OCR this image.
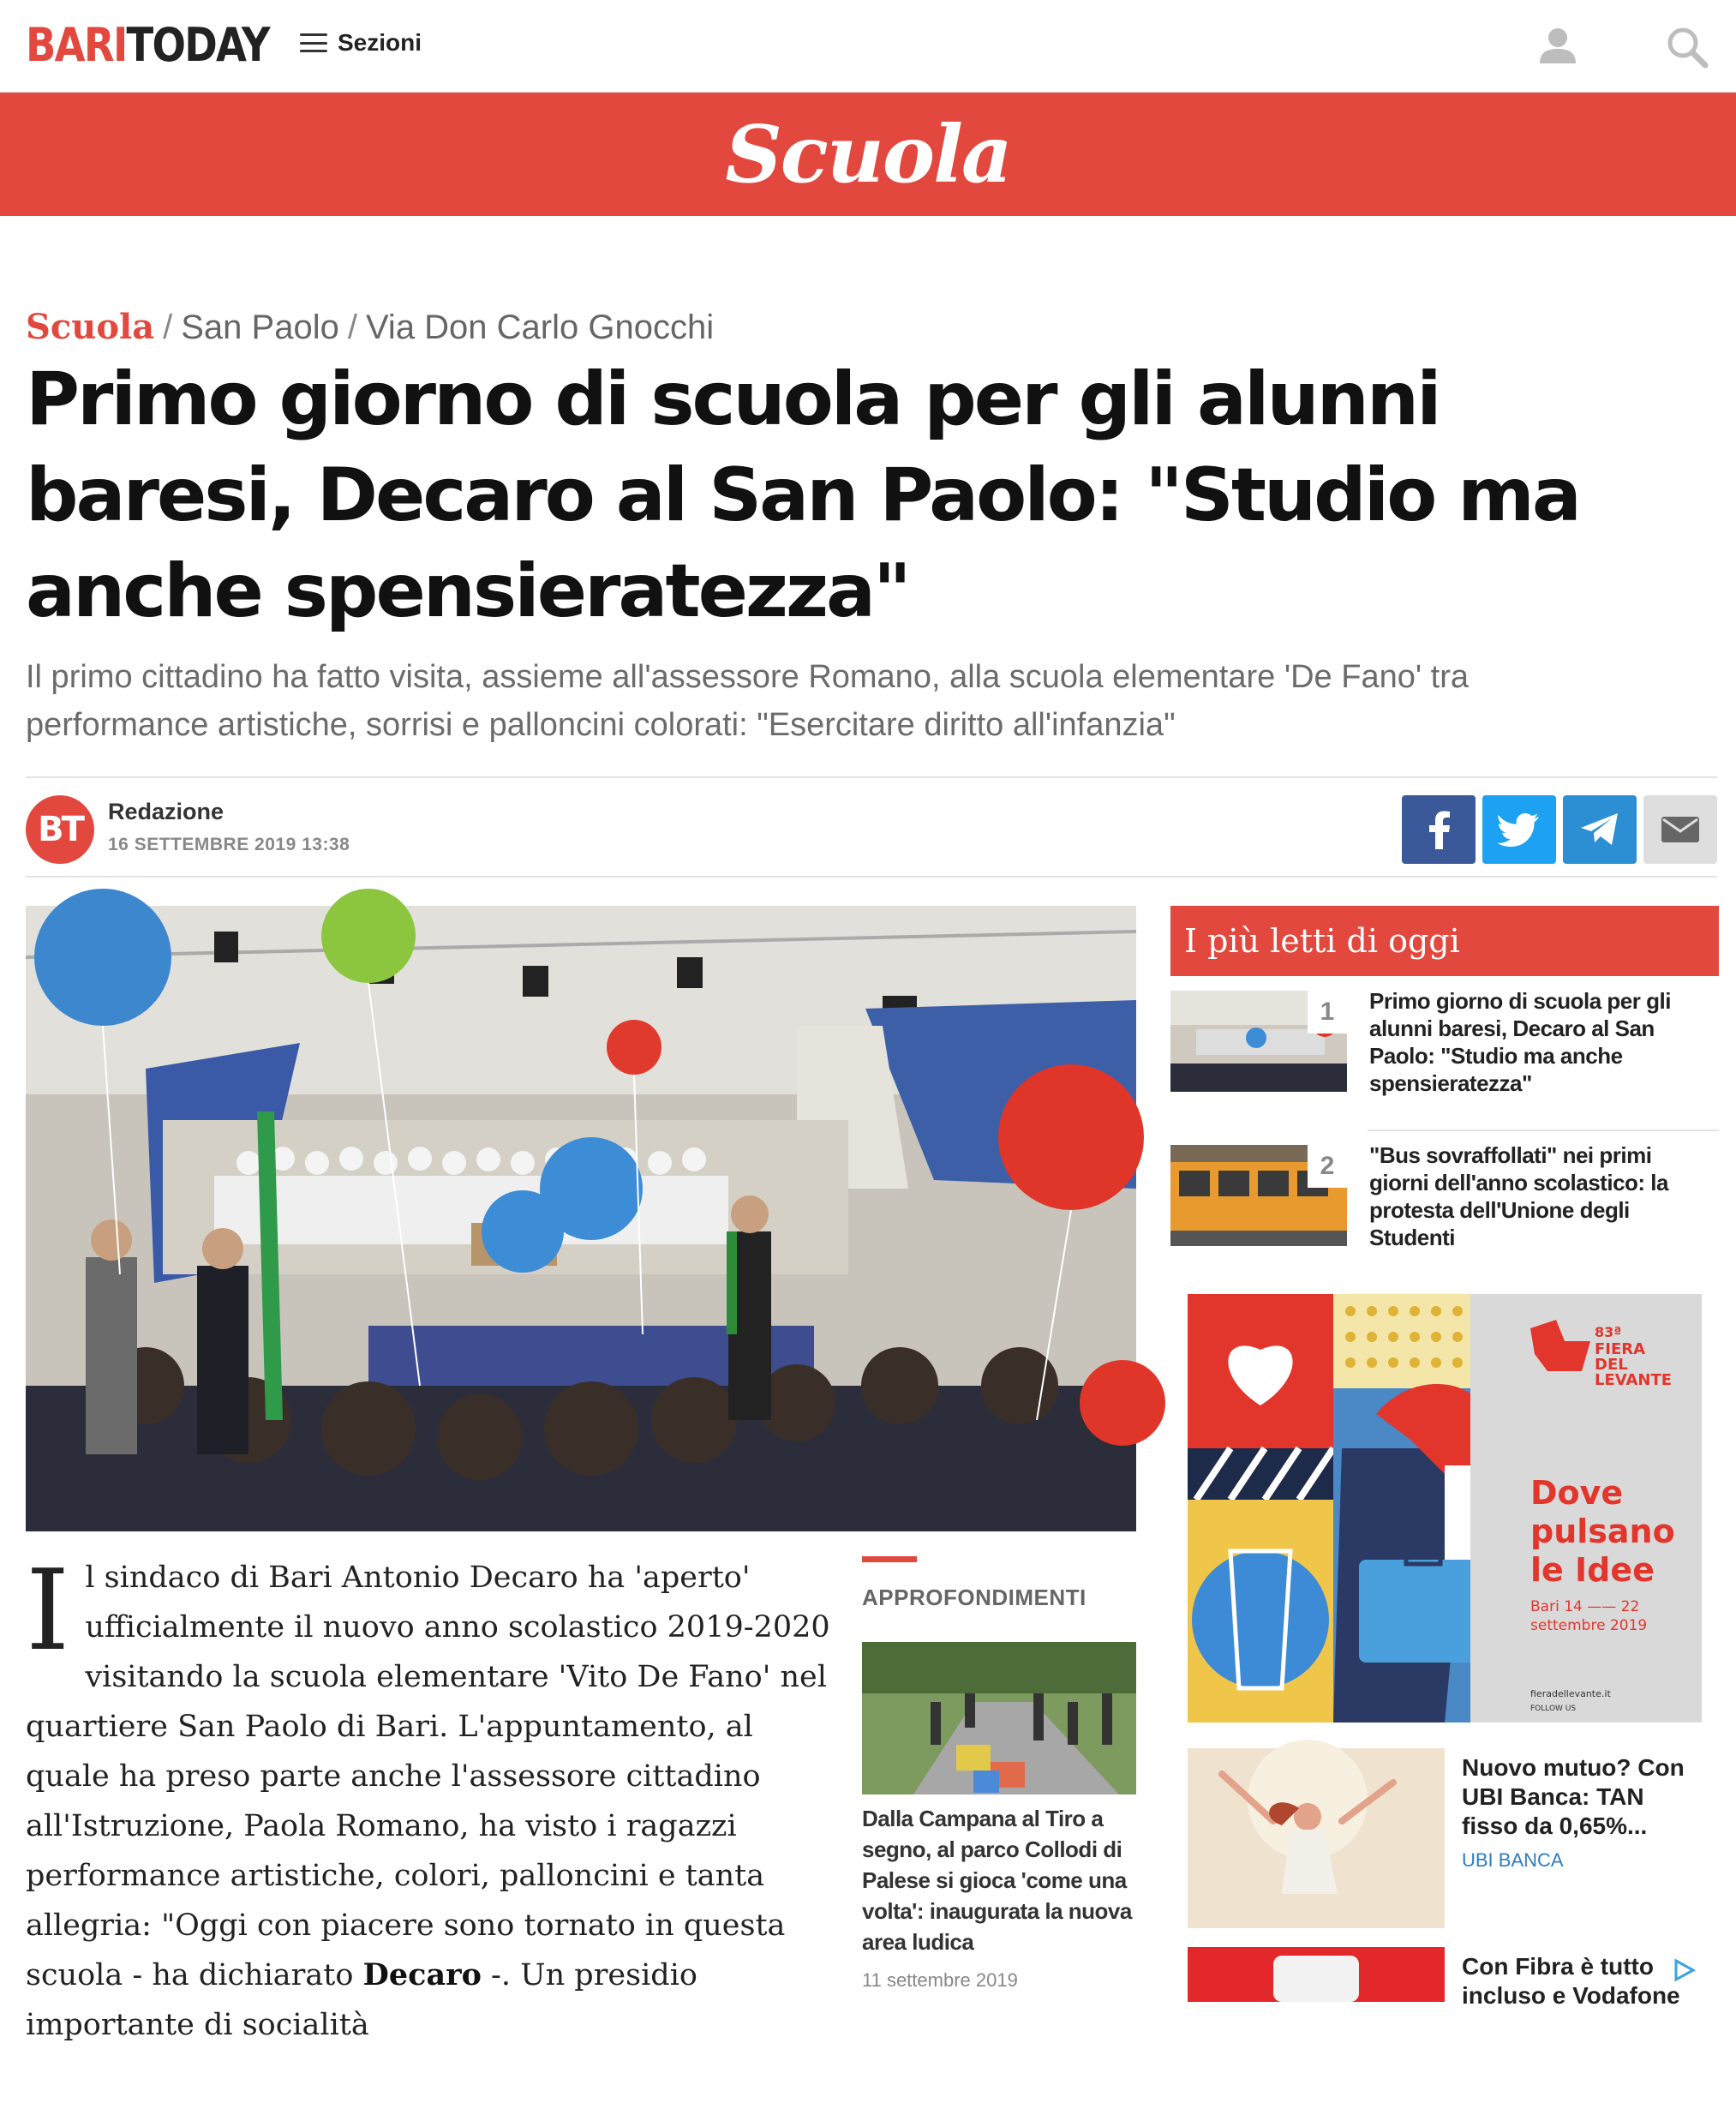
BARITODAY	Sezioni
Scuola
Scuola / San Paolo / Via Don Carlo Gnocchi
Primo giorno di scuola per gli alunni baresi, Decaro al San Paolo: "Studio ma anche spensieratezza"

Il primo cittadino ha fatto visita, assieme all'assessore Romano, alla scuola elementare 'De Fano' tra performance artistiche, sorrisi e palloncini colorati: "Esercitare diritto all'infanzia"

BT	Redazione
16 SETTEMBRE 2019 13:38
Il sindaco di Bari Antonio Decaro ha 'aperto' ufficialmente il nuovo anno scolastico 2019-2020 visitando la scuola elementare 'Vito De Fano' nel quartiere San Paolo di Bari. L'appuntamento, al quale ha preso parte anche l'assessore cittadino all'Istruzione, Paola Romano, ha visto i ragazzi performance artistiche, colori, palloncini e tanta allegria: "Oggi con piacere sono tornato in questa scuola - ha dichiarato Decaro -. Un presidio importante di socialità
APPROFONDIMENTI
Dalla Campana al Tiro a segno, al parco Collodi di Palese si gioca 'come una volta': inaugurata la nuova area ludica
11 settembre 2019
I più letti di oggi
1	Primo giorno di scuola per gli alunni baresi, Decaro al San Paolo: "Studio ma anche spensieratezza"
2	"Bus sovraffollati" nei primi giorni dell'anno scolastico: la protesta dell'Unione degli Studenti
83ª
FIERA
DEL
LEVANTE
Dove
pulsano
le Idee
Bari 14 —— 22
settembre 2019
fieradellevante.it
FOLLOW US
Nuovo mutuo? Con UBI Banca: TAN fisso da 0,65%...
UBI BANCA
Con Fibra è tutto incluso e Vodafone
